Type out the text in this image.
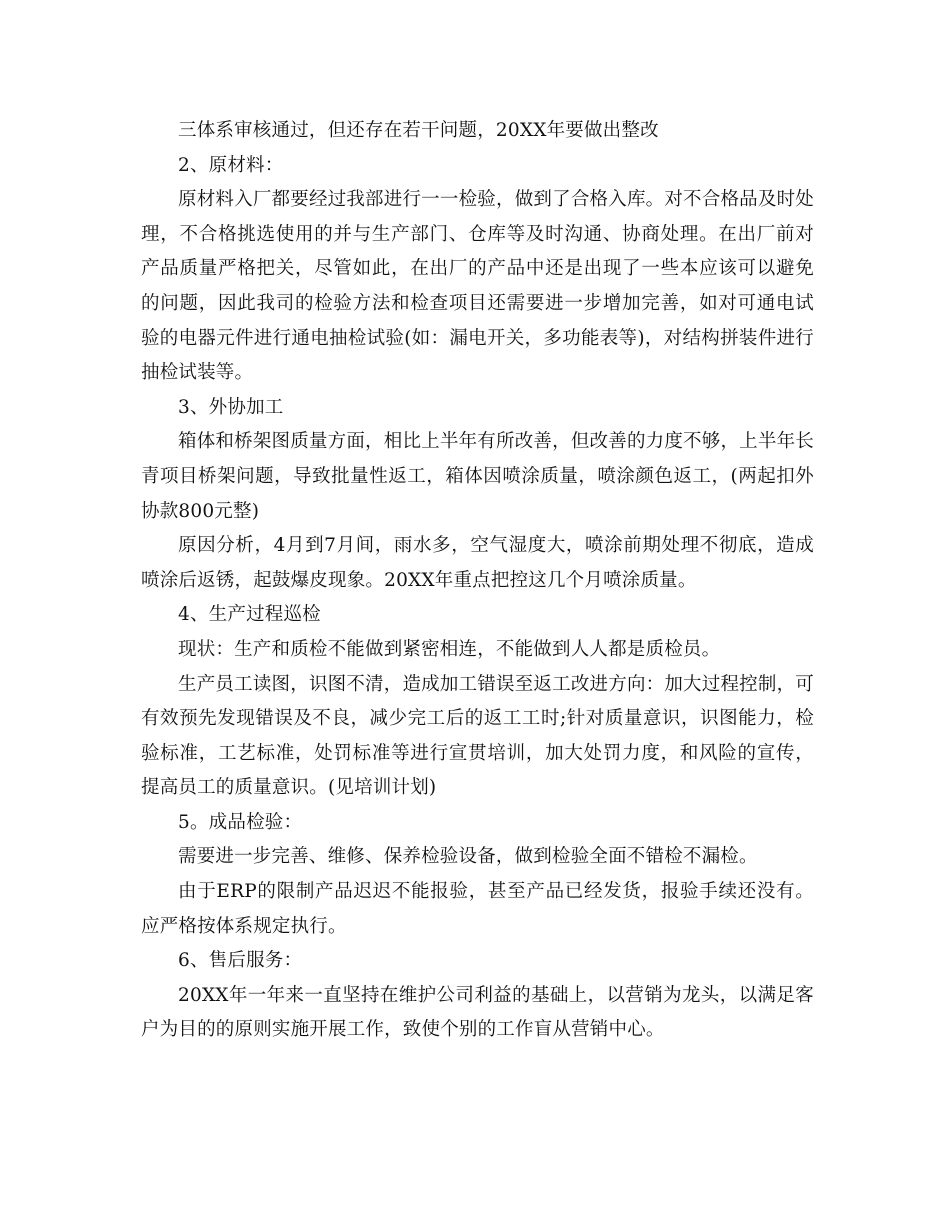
三体系审核通过，但还存在若干问题，20XX年要做出整改

2、原材料：

原材料入厂都要经过我部进行一一检验，做到了合格入库。对不合格品及时处理，不合格挑选使用的并与生产部门、仓库等及时沟通、协商处理。在出厂前对产品质量严格把关，尽管如此，在出厂的产品中还是出现了一些本应该可以避免的问题，因此我司的检验方法和检查项目还需要进一步增加完善，如对可通电试验的电器元件进行通电抽检试验(如：漏电开关，多功能表等)，对结构拼装件进行抽检试装等。

3、外协加工

箱体和桥架图质量方面，相比上半年有所改善，但改善的力度不够，上半年长青项目桥架问题，导致批量性返工，箱体因喷涂质量，喷涂颜色返工，(两起扣外协款800元整)

原因分析，4月到7月间，雨水多，空气湿度大，喷涂前期处理不彻底，造成喷涂后返锈，起鼓爆皮现象。20XX年重点把控这几个月喷涂质量。

4、生产过程巡检

现状：生产和质检不能做到紧密相连，不能做到人人都是质检员。

生产员工读图，识图不清，造成加工错误至返工改进方向：加大过程控制，可有效预先发现错误及不良，减少完工后的返工工时;针对质量意识，识图能力，检验标准，工艺标准，处罚标准等进行宣贯培训，加大处罚力度，和风险的宣传，提高员工的质量意识。(见培训计划)

5。成品检验：

需要进一步完善、维修、保养检验设备，做到检验全面不错检不漏检。

由于ERP的限制产品迟迟不能报验，甚至产品已经发货，报验手续还没有。应严格按体系规定执行。

6、售后服务：

20XX年一年来一直坚持在维护公司利益的基础上，以营销为龙头，以满足客户为目的的原则实施开展工作，致使个别的工作盲从营销中心。
